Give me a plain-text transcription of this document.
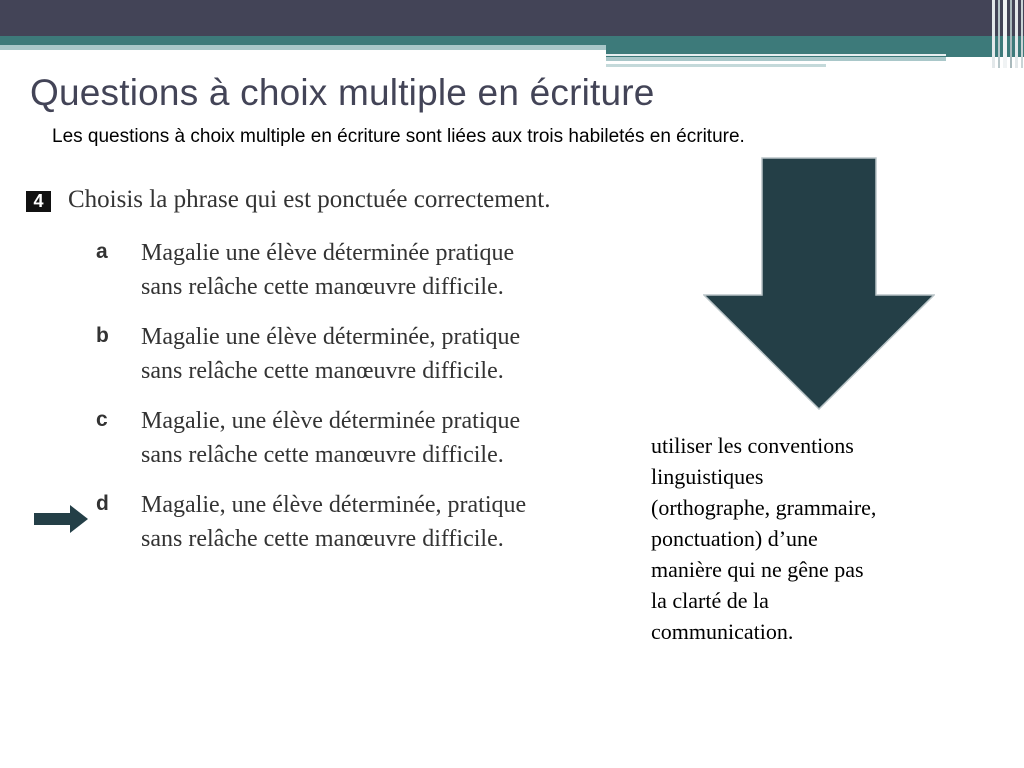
Questions à choix multiple en écriture

Les questions à choix multiple en écriture sont liées aux trois habiletés en écriture.

4 Choisis la phrase qui est ponctuée correctement.

a Magalie une élève déterminée pratique
sans relâche cette manœuvre difficile.

b Magalie une élève déterminée, pratique
sans relâche cette manœuvre difficile.

c Magalie, une élève déterminée pratique
sans relâche cette manœuvre difficile.

d Magalie, une élève déterminée, pratique
sans relâche cette manœuvre difficile.

utiliser les conventions
linguistiques
(orthographe, grammaire,
ponctuation) d’une
manière qui ne gêne pas
la clarté de la
communication.
